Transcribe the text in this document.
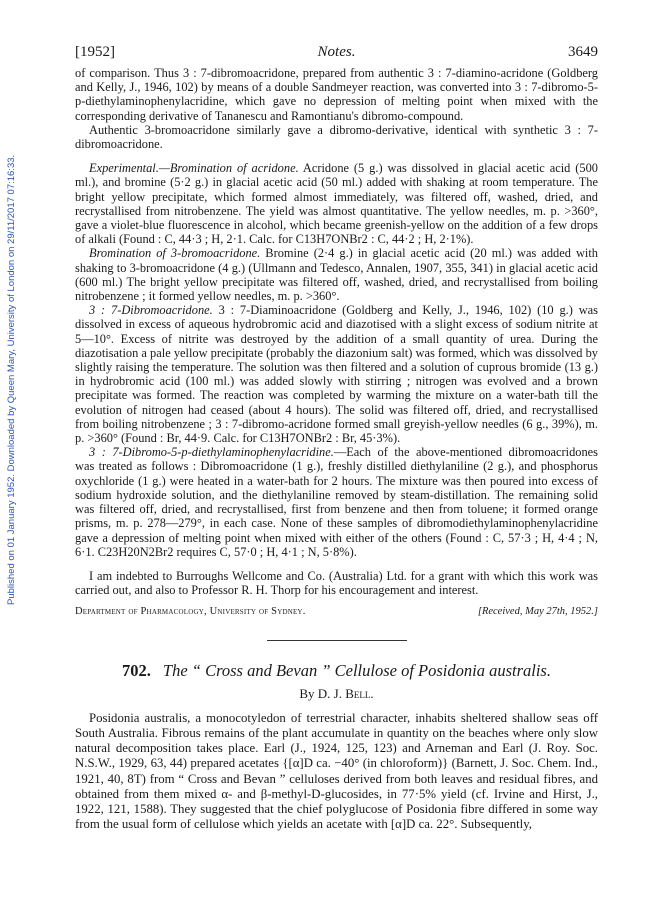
Published on 01 January 1952. Downloaded by Queen Mary, University of London on 29/11/2017 07:16:33.
[1952]	Notes.	3649

of comparison. Thus 3 : 7-dibromoacridone, prepared from authentic 3 : 7-diamino-acridone (Goldberg and Kelly, J., 1946, 102) by means of a double Sandmeyer reaction, was converted into 3 : 7-dibromo-5-p-diethylaminophenylacridine, which gave no depression of melting point when mixed with the corresponding derivative of Tananescu and Ramontianu's dibromo-compound.

Authentic 3-bromoacridone similarly gave a dibromo-derivative, identical with synthetic 3 : 7-dibromoacridone.

Experimental.—Bromination of acridone. Acridone (5 g.) was dissolved in glacial acetic acid (500 ml.), and bromine (5·2 g.) in glacial acetic acid (50 ml.) added with shaking at room temperature. The bright yellow precipitate, which formed almost immediately, was filtered off, washed, dried, and recrystallised from nitrobenzene. The yield was almost quantitative. The yellow needles, m. p. >360°, gave a violet-blue fluorescence in alcohol, which became greenish-yellow on the addition of a few drops of alkali (Found : C, 44·3 ; H, 2·1. Calc. for C13H7ONBr2 : C, 44·2 ; H, 2·1%).

Bromination of 3-bromoacridone. Bromine (2·4 g.) in glacial acetic acid (20 ml.) was added with shaking to 3-bromoacridone (4 g.) (Ullmann and Tedesco, Annalen, 1907, 355, 341) in glacial acetic acid (600 ml.) The bright yellow precipitate was filtered off, washed, dried, and recrystallised from boiling nitrobenzene ; it formed yellow needles, m. p. >360°.

3 : 7-Dibromoacridone. 3 : 7-Diaminoacridone (Goldberg and Kelly, J., 1946, 102) (10 g.) was dissolved in excess of aqueous hydrobromic acid and diazotised with a slight excess of sodium nitrite at 5—10°. Excess of nitrite was destroyed by the addition of a small quantity of urea. During the diazotisation a pale yellow precipitate (probably the diazonium salt) was formed, which was dissolved by slightly raising the temperature. The solution was then filtered and a solution of cuprous bromide (13 g.) in hydrobromic acid (100 ml.) was added slowly with stirring ; nitrogen was evolved and a brown precipitate was formed. The reaction was completed by warming the mixture on a water-bath till the evolution of nitrogen had ceased (about 4 hours). The solid was filtered off, dried, and recrystallised from boiling nitrobenzene ; 3 : 7-dibromo-acridone formed small greyish-yellow needles (6 g., 39%), m. p. >360° (Found : Br, 44·9. Calc. for C13H7ONBr2 : Br, 45·3%).

3 : 7-Dibromo-5-p-diethylaminophenylacridine.—Each of the above-mentioned dibromoacridones was treated as follows : Dibromoacridone (1 g.), freshly distilled diethylaniline (2 g.), and phosphorus oxychloride (1 g.) were heated in a water-bath for 2 hours. The mixture was then poured into excess of sodium hydroxide solution, and the diethylaniline removed by steam-distillation. The remaining solid was filtered off, dried, and recrystallised, first from benzene and then from toluene; it formed orange prisms, m. p. 278—279°, in each case. None of these samples of dibromodiethylaminophenylacridine gave a depression of melting point when mixed with either of the others (Found : C, 57·3 ; H, 4·4 ; N, 6·1. C23H20N2Br2 requires C, 57·0 ; H, 4·1 ; N, 5·8%).

I am indebted to Burroughs Wellcome and Co. (Australia) Ltd. for a grant with which this work was carried out, and also to Professor R. H. Thorp for his encouragement and interest.

Department of Pharmacology, University of Sydney.	[Received, May 27th, 1952.]
702. The “ Cross and Bevan ” Cellulose of Posidonia australis.
By D. J. Bell.

Posidonia australis, a monocotyledon of terrestrial character, inhabits sheltered shallow seas off South Australia. Fibrous remains of the plant accumulate in quantity on the beaches where only slow natural decomposition takes place. Earl (J., 1924, 125, 123) and Arneman and Earl (J. Roy. Soc. N.S.W., 1929, 63, 44) prepared acetates {[α]D ca. −40° (in chloroform)} (Barnett, J. Soc. Chem. Ind., 1921, 40, 8T) from “ Cross and Bevan ” celluloses derived from both leaves and residual fibres, and obtained from them mixed α- and β-methyl-D-glucosides, in 77·5% yield (cf. Irvine and Hirst, J., 1922, 121, 1588). They suggested that the chief polyglucose of Posidonia fibre differed in some way from the usual form of cellulose which yields an acetate with [α]D ca. 22°. Subsequently,
